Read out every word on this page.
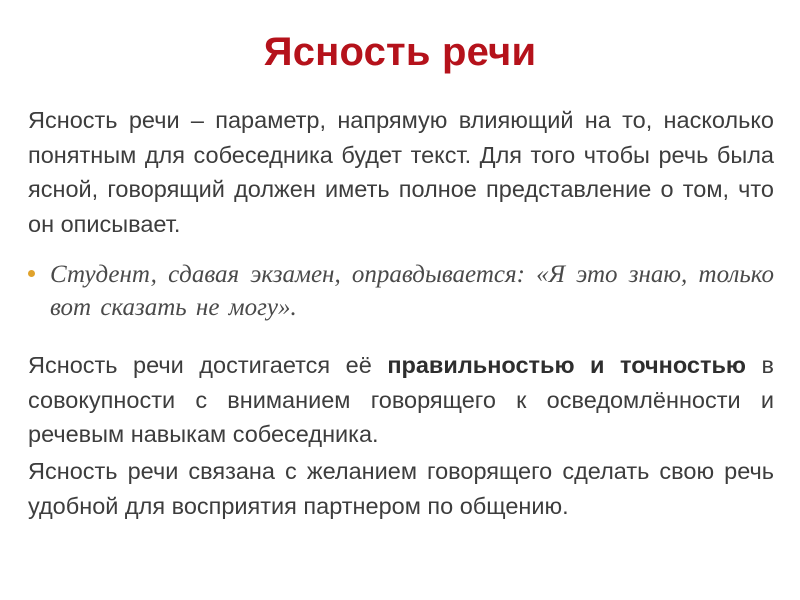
Ясность речи
Ясность речи – параметр, напрямую влияющий на то, насколько понятным для собеседника будет текст. Для того чтобы речь была ясной, говорящий должен иметь полное представление о том, что он описывает.
Студент, сдавая экзамен, оправдывается: «Я это знаю, только вот сказать не могу».
Ясность речи достигается её правильностью и точностью в совокупности с вниманием говорящего к осведомлённости и речевым навыкам собеседника.
Ясность речи связана с желанием говорящего сделать свою речь удобной для восприятия партнером по общению.
